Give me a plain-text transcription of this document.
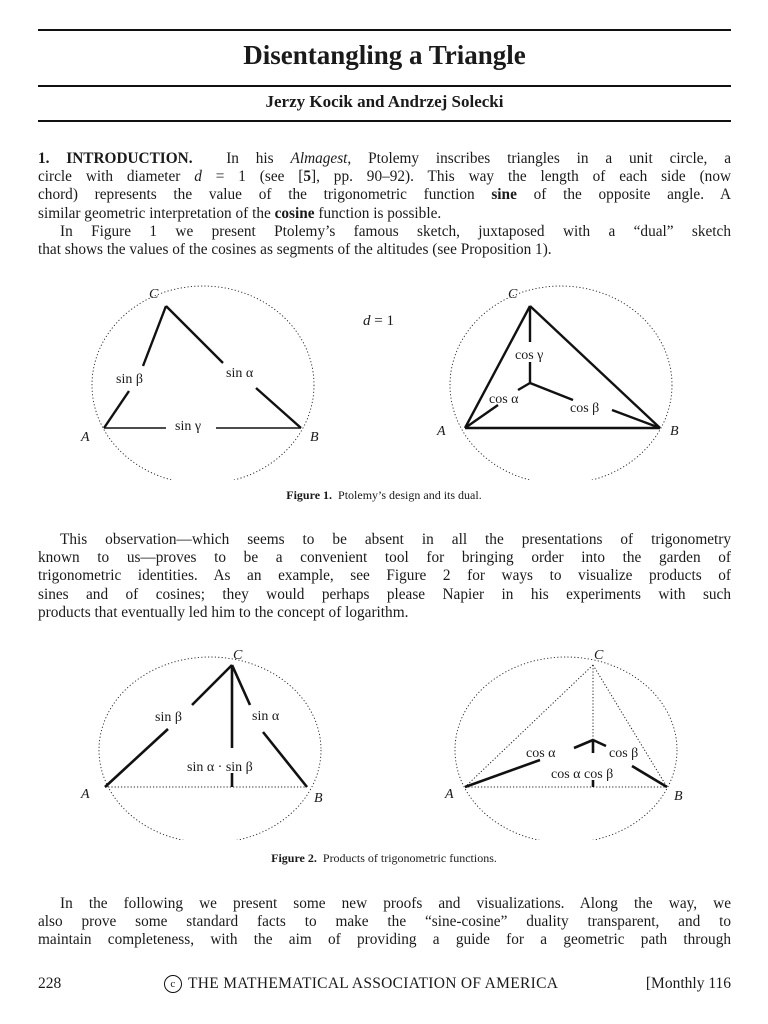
Disentangling a Triangle

Jerzy Kocik and Andrzej Solecki

1. INTRODUCTION. In his Almagest, Ptolemy inscribes triangles in a unit circle, a
circle with diameter d = 1 (see [5], pp. 90–92). This way the length of each side (now
chord) represents the value of the trigonometric function sine of the opposite angle. A
similar geometric interpretation of the cosine function is possible.
In Figure 1 we present Ptolemy’s famous sketch, juxtaposed with a “dual” sketch
that shows the values of the cosines as segments of the altitudes (see Proposition 1).
C
A	B
sin β	sin α
sin γ
d = 1
C
A	B
cos γ
cos α
cos β
Figure 1. Ptolemy’s design and its dual.
This observation—which seems to be absent in all the presentations of trigonometry
known to us—proves to be a convenient tool for bringing order into the garden of
trigonometric identities. As an example, see Figure 2 for ways to visualize products of
sines and of cosines; they would perhaps please Napier in his experiments with such
products that eventually led him to the concept of logarithm.
C
A	B
sin β	sin α
sin α · sin β
C
A	B
cos α	cos β
cos α cos β
Figure 2. Products of trigonometric functions.
In the following we present some new proofs and visualizations. Along the way, we
also prove some standard facts to make the “sine-cosine” duality transparent, and to
maintain completeness, with the aim of providing a guide for a geometric path through
228	c THE MATHEMATICAL ASSOCIATION OF AMERICA	[Monthly 116
